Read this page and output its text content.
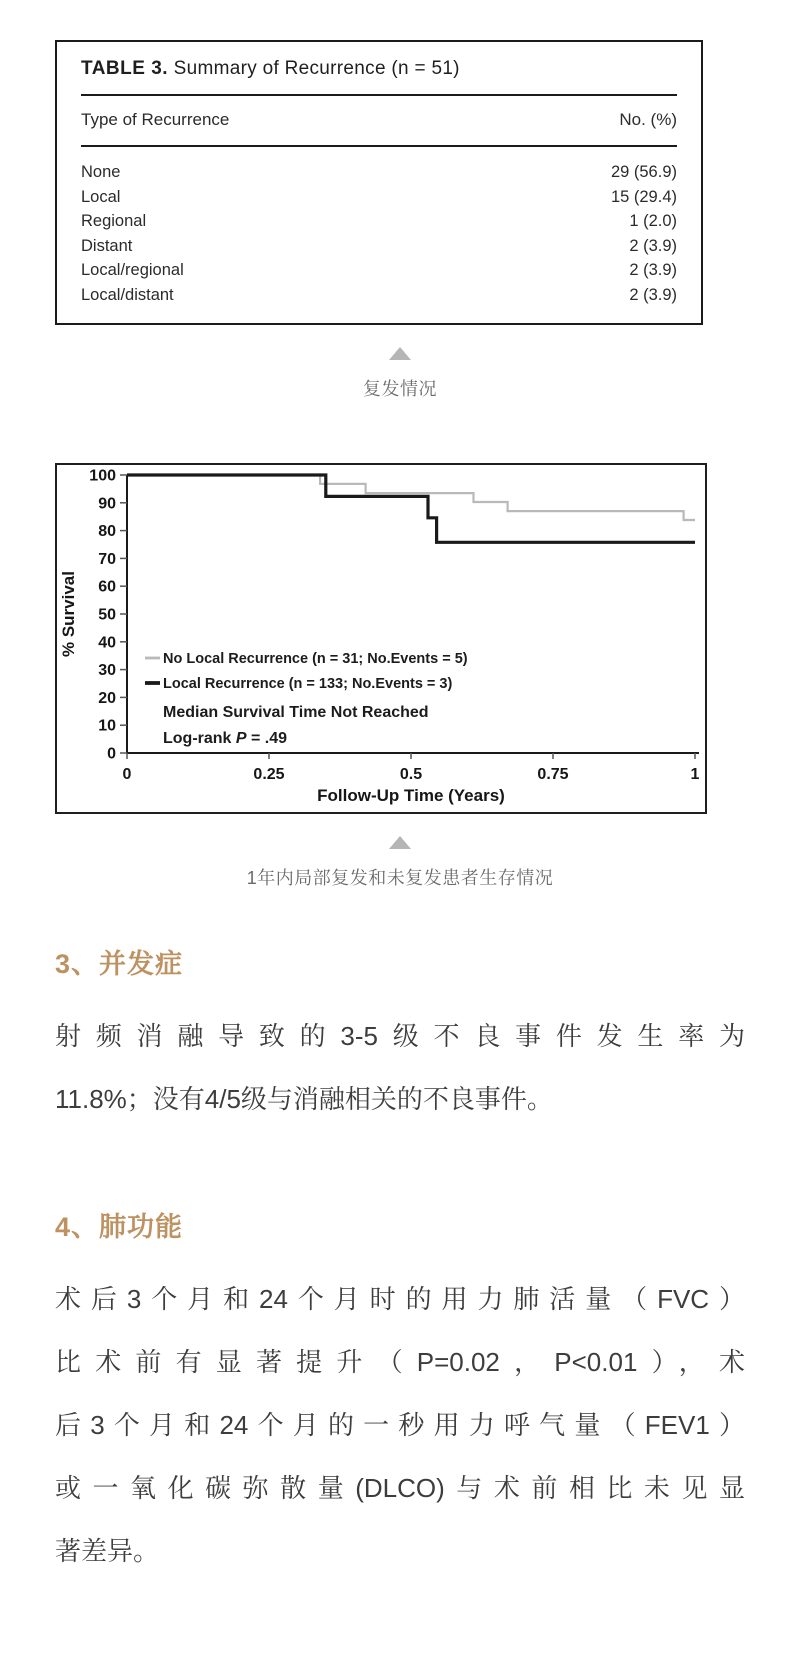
TABLE 3. Summary of Recurrence (n = 51)
Type of Recurrence	No. (%)
None	29 (56.9)
Local	15 (29.4)
Regional	1 (2.0)
Distant	2 (3.9)
Local/regional	2 (3.9)
Local/distant	2 (3.9)
复发情况
0
10
20
30
40
50
60
70
80
90
100
0	0.25	0.5	0.75	1
Follow-Up Time (Years)
% Survival
No Local Recurrence (n = 31; No.Events = 5)
Local Recurrence (n = 133; No.Events = 3)
Median Survival Time Not Reached
Log-rank P = .49
1年内局部复发和未复发患者生存情况
3、并发症
射频消融导致的3-5级不良事件发生率为
11.8%；没有4/5级与消融相关的不良事件。
4、肺功能
术后3个月和24个月时的用力肺活量（FVC）
比术前有显著提升（P=0.02，P<0.01），术
后3个月和24个月的一秒用力呼气量（FEV1）
或一氧化碳弥散量(DLCO)与术前相比未见显
著差异。
